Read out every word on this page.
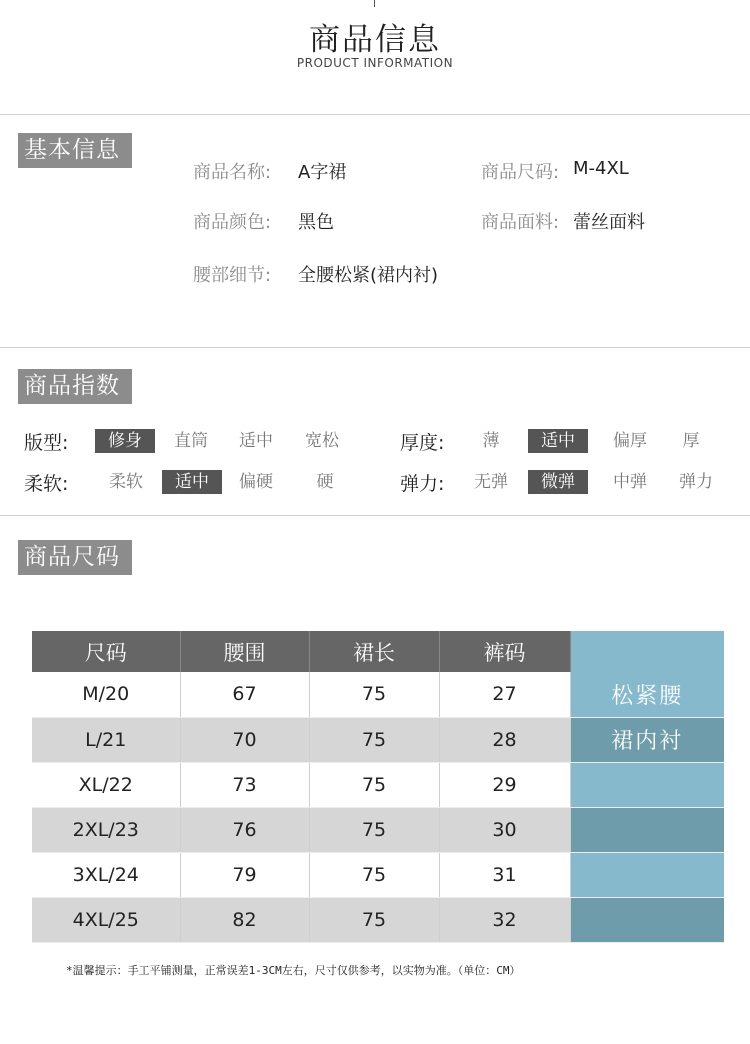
商品信息
PRODUCT INFORMATION
基本信息
商品名称: A字裙	商品尺码: M-4XL
商品颜色: 黑色	商品面料: 蕾丝面料
腰部细节: 全腰松紧(裙内衬)
商品指数
版型:	修身	直筒	适中	宽松	厚度:	薄	适中	偏厚	厚
柔软:	柔软	适中	偏硬	硬	弹力:	无弹	微弹	中弹	弹力
商品尺码
尺码	腰围	裙长	裤码	
M/20	67	75	27	松紧腰
L/21	70	75	28	裙内衬
XL/22	73	75	29	
2XL/23	76	75	30	
3XL/24	79	75	31	
4XL/25	82	75	32	
*温馨提示：手工平铺测量，正常误差1-3CM左右，尺寸仅供参考，以实物为准。（单位：CM）
